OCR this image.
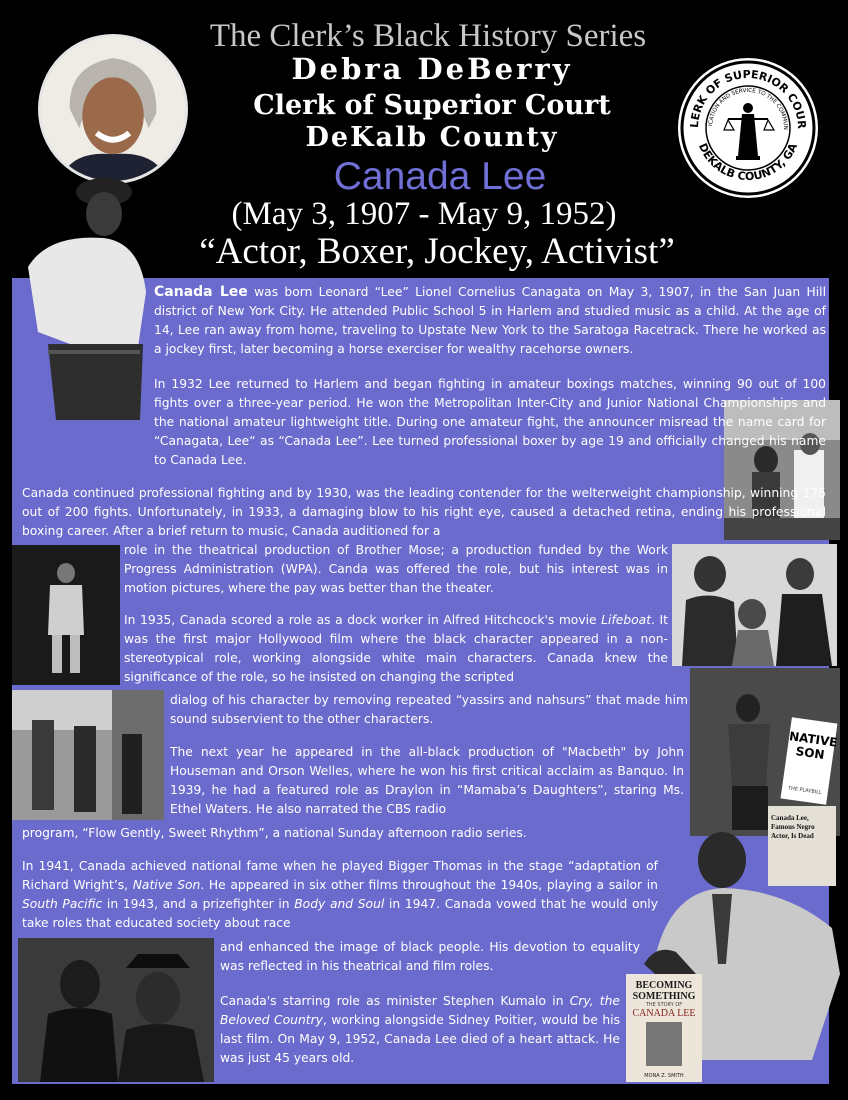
The Clerk’s Black History Series
Debra DeBerry
Clerk of Superior Court
DeKalb County
Canada Lee
(May 3, 1907 - May 9, 1952)
“Actor, Boxer, Jockey, Activist”
LERK OF SUPERIOR COUR
ICATION AND SERVICE TO THE COMMUN
DEKALB COUNTY, GA
NATIVE SON
THE PLAYBILL
Canada Lee, Famous Negro Actor, Is Dead
BECOMING SOMETHING
THE STORY OF
CANADA LEE
MONA Z. SMITH

Canada Lee was born Leonard “Lee” Lionel Cornelius Canagata on May 3, 1907, in the San Juan Hill district of New York City. He attended Public School 5 in Harlem and studied music as a child. At the age of 14, Lee ran away from home, traveling to Upstate New York to the Saratoga Racetrack. There he worked as a jockey first, later becoming a horse exerciser for wealthy racehorse owners.

In 1932 Lee returned to Harlem and began fighting in amateur boxings matches, winning 90 out of 100 fights over a three-year period. He won the Metropolitan Inter-City and Junior National Championships and the national amateur lightweight title. During one amateur fight, the announcer misread the name card for “Canagata, Lee“ as “Canada Lee”. Lee turned professional boxer by age 19 and officially changed his name to Canada Lee.

Canada continued professional fighting and by 1930, was the leading contender for the welterweight championship, winning 175 out of 200 fights. Unfortunately, in 1933, a damaging blow to his right eye, caused a detached retina, ending his professional boxing career. After a brief return to music, Canada auditioned for a

role in the theatrical production of Brother Mose; a production funded by the Work Progress Administration (WPA). Canda was offered the role, but his interest was in motion pictures, where the pay was better than the theater.

In 1935, Canada scored a role as a dock worker in Alfred Hitchcock's movie Lifeboat. It was the first major Hollywood film where the black character appeared in a non-stereotypical role, working alongside white main characters. Canada knew the significance of the role, so he insisted on changing the scripted

dialog of his character by removing repeated “yassirs and nahsurs” that made him sound subservient to the other characters.

The next year he appeared in the all-black production of "Macbeth" by John Houseman and Orson Welles, where he won his first critical acclaim as Banquo. In 1939, he had a featured role as Draylon in “Mamaba’s Daughters”, staring Ms. Ethel Waters. He also narrated the CBS radio

program, “Flow Gently, Sweet Rhythm”, a national Sunday afternoon radio series.

In 1941, Canada achieved national fame when he played Bigger Thomas in the stage “adaptation of Richard Wright’s, Native Son. He appeared in six other films throughout the 1940s, playing a sailor in South Pacific in 1943, and a prizefighter in Body and Soul in 1947. Canada vowed that he would only take roles that educated society about race

and enhanced the image of black people. His devotion to equality was reflected in his theatrical and film roles.

Canada's starring role as minister Stephen Kumalo in Cry, the Beloved Country, working alongside Sidney Poitier, would be his last film. On May 9, 1952, Canada Lee died of a heart attack. He was just 45 years old.
